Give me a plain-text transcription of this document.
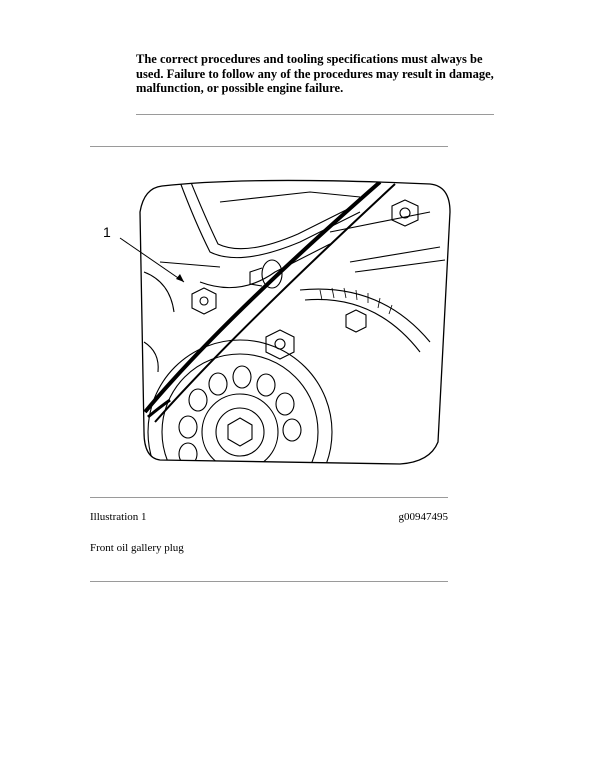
The correct procedures and tooling specifications must always be used. Failure to follow any of the procedures may result in damage, malfunction, or possible engine failure.
1
Illustration 1	g00947495
Front oil gallery plug
